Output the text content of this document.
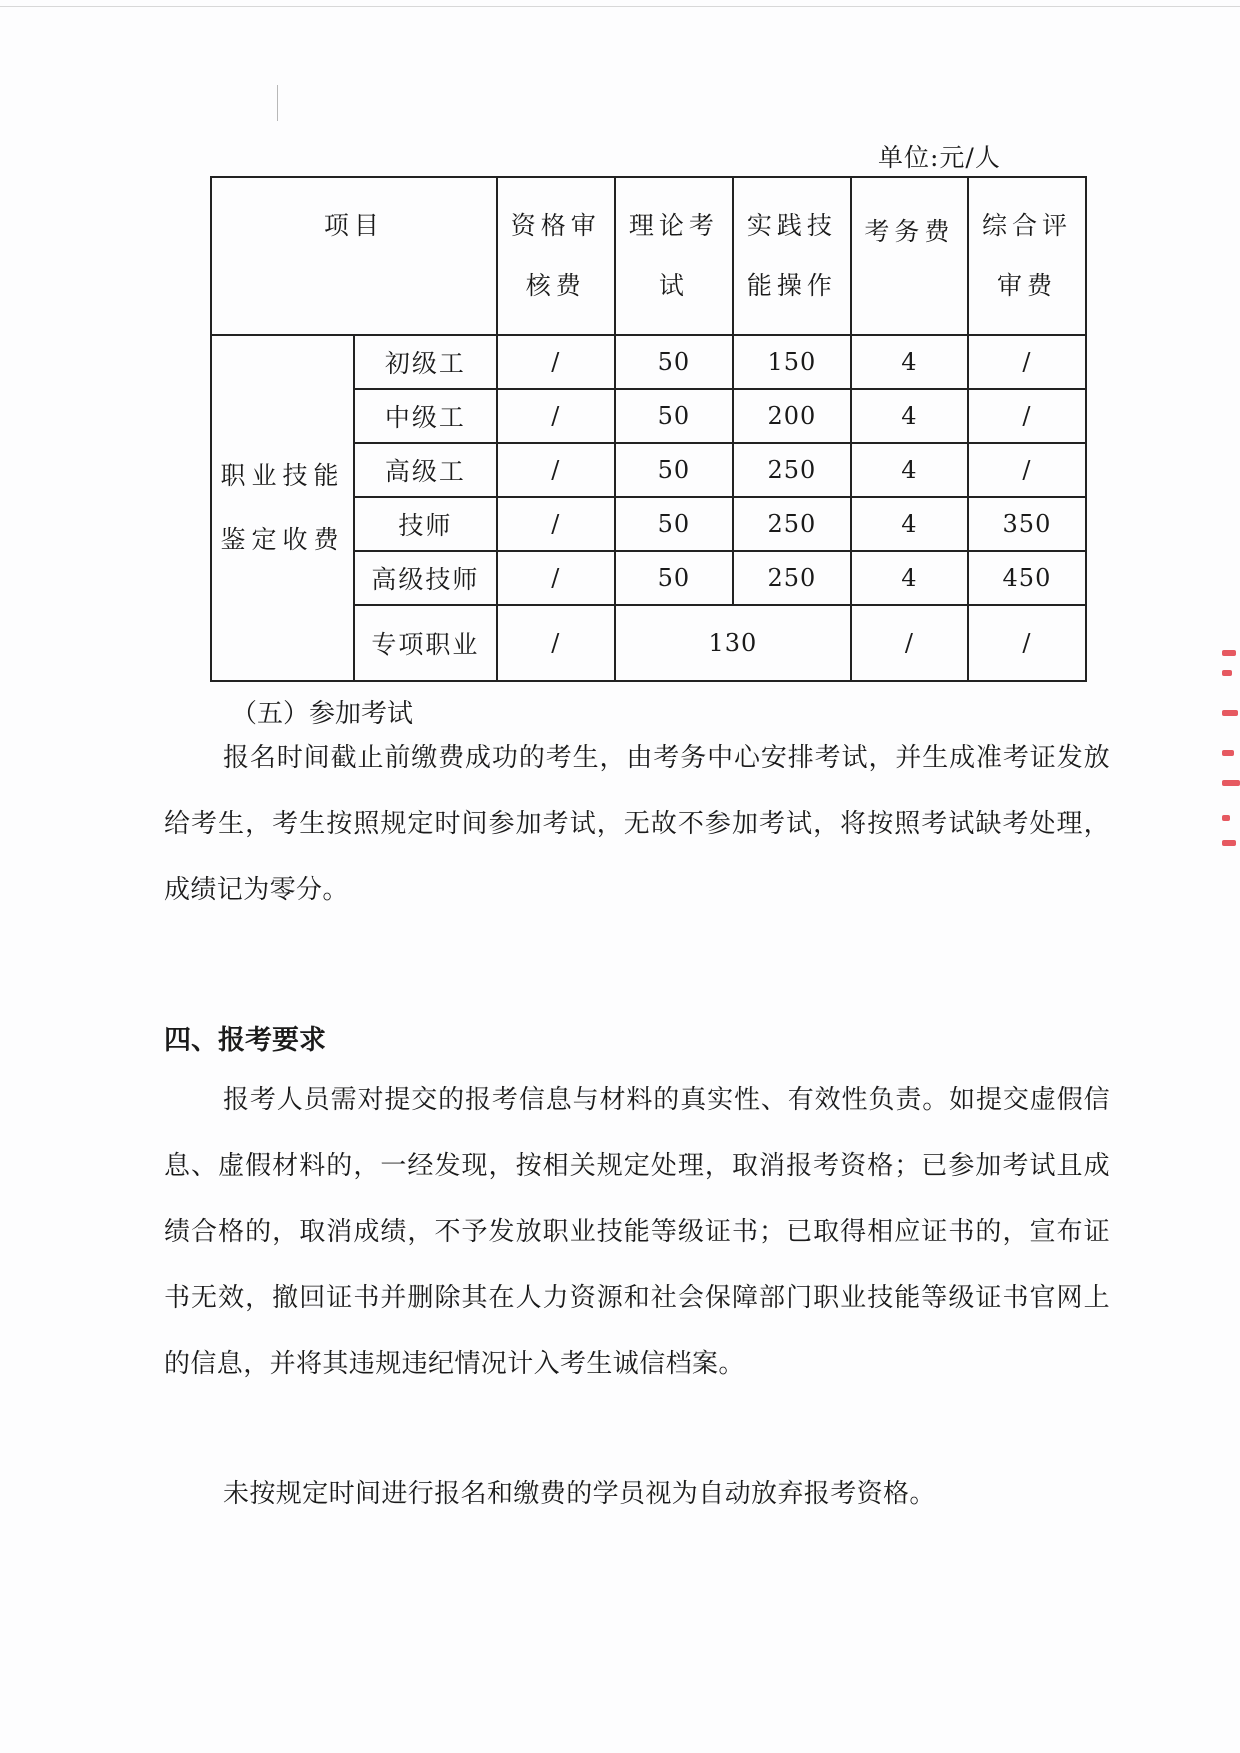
单位:元/人
项目		资格审核费	理论考试	实践技能操作	考务费	综合评审费
职业技能鉴定收费	初级工	/	50	150	4	/
	中级工	/	50	200	4	/
	高级工	/	50	250	4	/
	技师	/	50	250	4	350
	高级技师	/	50	250	4	450
	专项职业	/	130		/	/
（五）参加考试
报名时间截止前缴费成功的考生，由考务中心安排考试，并生成准考证发放给考生，考生按照规定时间参加考试，无故不参加考试，将按照考试缺考处理，成绩记为零分。
四、报考要求
报考人员需对提交的报考信息与材料的真实性、有效性负责。如提交虚假信息、虚假材料的，一经发现，按相关规定处理，取消报考资格；已参加考试且成绩合格的，取消成绩，不予发放职业技能等级证书；已取得相应证书的，宣布证书无效，撤回证书并删除其在人力资源和社会保障部门职业技能等级证书官网上的信息，并将其违规违纪情况计入考生诚信档案。
未按规定时间进行报名和缴费的学员视为自动放弃报考资格。
